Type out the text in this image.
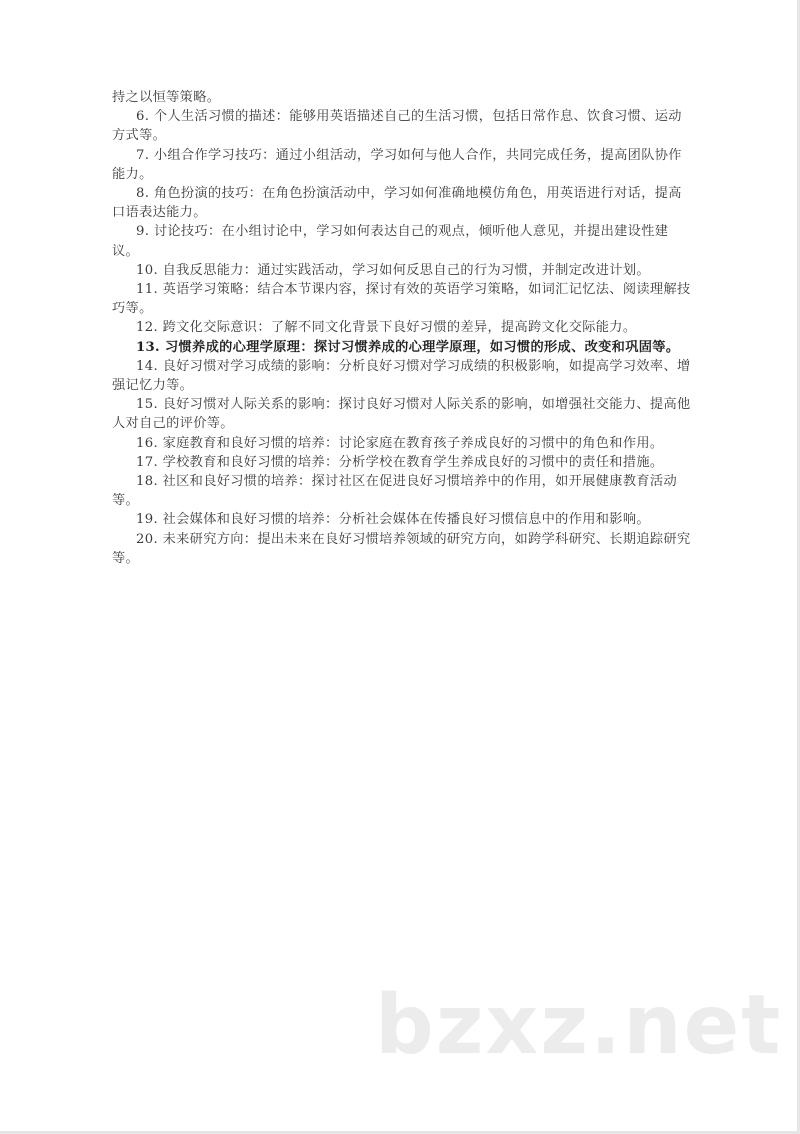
持之以恒等策略。

6. 个人生活习惯的描述：能够用英语描述自己的生活习惯，包括日常作息、饮食习惯、运动方式等。

7. 小组合作学习技巧：通过小组活动，学习如何与他人合作，共同完成任务，提高团队协作能力。

8. 角色扮演的技巧：在角色扮演活动中，学习如何准确地模仿角色，用英语进行对话，提高口语表达能力。

9. 讨论技巧：在小组讨论中，学习如何表达自己的观点，倾听他人意见，并提出建设性建议。

10. 自我反思能力：通过实践活动，学习如何反思自己的行为习惯，并制定改进计划。

11. 英语学习策略：结合本节课内容，探讨有效的英语学习策略，如词汇记忆法、阅读理解技巧等。

12. 跨文化交际意识：了解不同文化背景下良好习惯的差异，提高跨文化交际能力。

13. 习惯养成的心理学原理：探讨习惯养成的心理学原理，如习惯的形成、改变和巩固等。

14. 良好习惯对学习成绩的影响：分析良好习惯对学习成绩的积极影响，如提高学习效率、增强记忆力等。

15. 良好习惯对人际关系的影响：探讨良好习惯对人际关系的影响，如增强社交能力、提高他人对自己的评价等。

16. 家庭教育和良好习惯的培养：讨论家庭在教育孩子养成良好的习惯中的角色和作用。

17. 学校教育和良好习惯的培养：分析学校在教育学生养成良好的习惯中的责任和措施。

18. 社区和良好习惯的培养：探讨社区在促进良好习惯培养中的作用，如开展健康教育活动等。

19. 社会媒体和良好习惯的培养：分析社会媒体在传播良好习惯信息中的作用和影响。

20. 未来研究方向：提出未来在良好习惯培养领域的研究方向，如跨学科研究、长期追踪研究等。

bzxz.net
